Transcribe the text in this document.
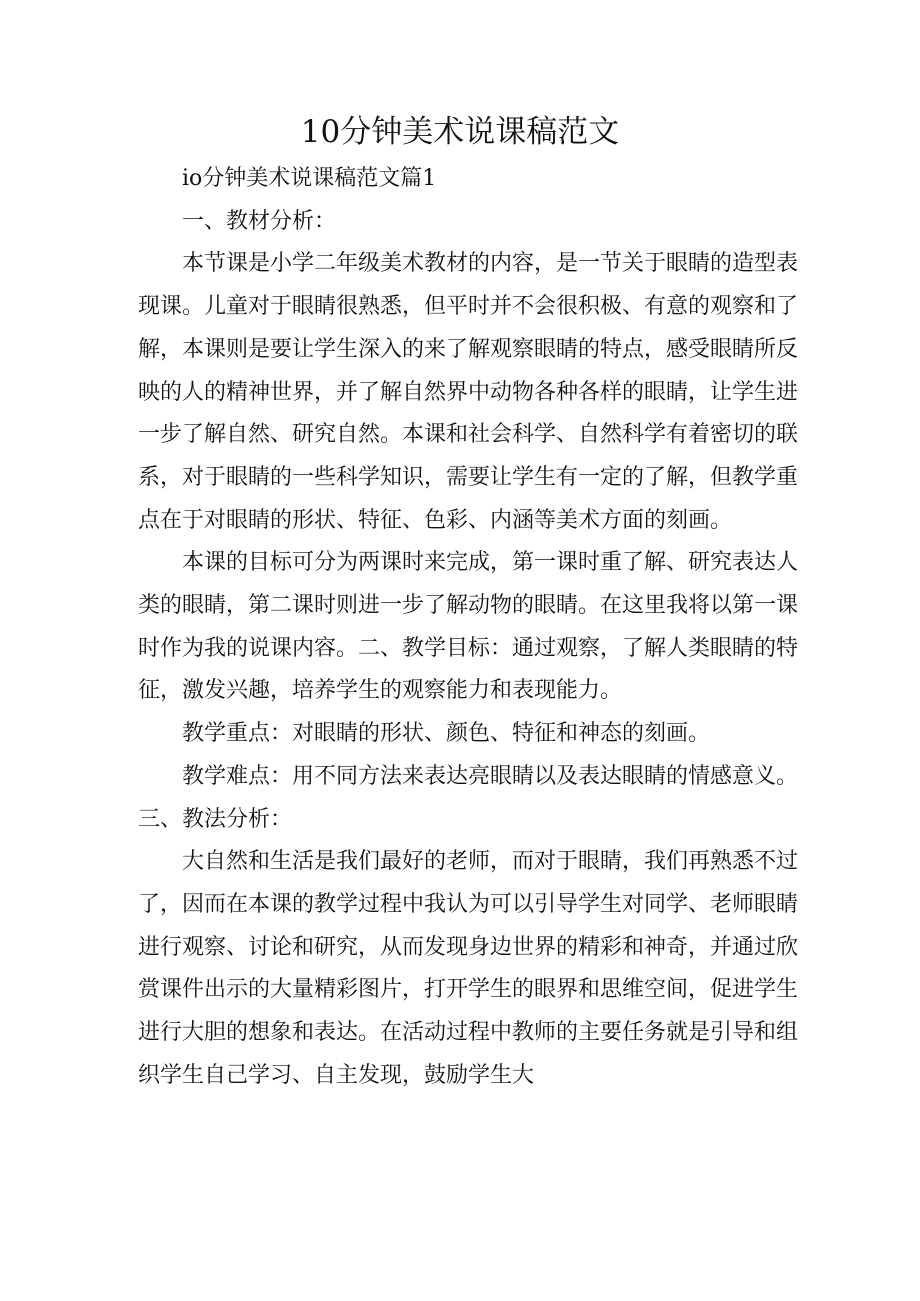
10分钟美术说课稿范文

io分钟美术说课稿范文篇1

一、教材分析：

本节课是小学二年级美术教材的内容，是一节关于眼睛的造型表现课。儿童对于眼睛很熟悉，但平时并不会很积极、有意的观察和了解，本课则是要让学生深入的来了解观察眼睛的特点，感受眼睛所反映的人的精神世界，并了解自然界中动物各种各样的眼睛，让学生进一步了解自然、研究自然。本课和社会科学、自然科学有着密切的联系，对于眼睛的一些科学知识，需要让学生有一定的了解，但教学重点在于对眼睛的形状、特征、色彩、内涵等美术方面的刻画。

本课的目标可分为两课时来完成，第一课时重了解、研究表达人类的眼睛，第二课时则进一步了解动物的眼睛。在这里我将以第一课时作为我的说课内容。二、教学目标：通过观察，了解人类眼睛的特征，激发兴趣，培养学生的观察能力和表现能力。

教学重点：对眼睛的形状、颜色、特征和神态的刻画。

教学难点：用不同方法来表达亮眼睛以及表达眼睛的情感意义。三、教法分析：

大自然和生活是我们最好的老师，而对于眼睛，我们再熟悉不过了，因而在本课的教学过程中我认为可以引导学生对同学、老师眼睛进行观察、讨论和研究，从而发现身边世界的精彩和神奇，并通过欣赏课件出示的大量精彩图片，打开学生的眼界和思维空间，促进学生进行大胆的想象和表达。在活动过程中教师的主要任务就是引导和组织学生自己学习、自主发现，鼓励学生大
